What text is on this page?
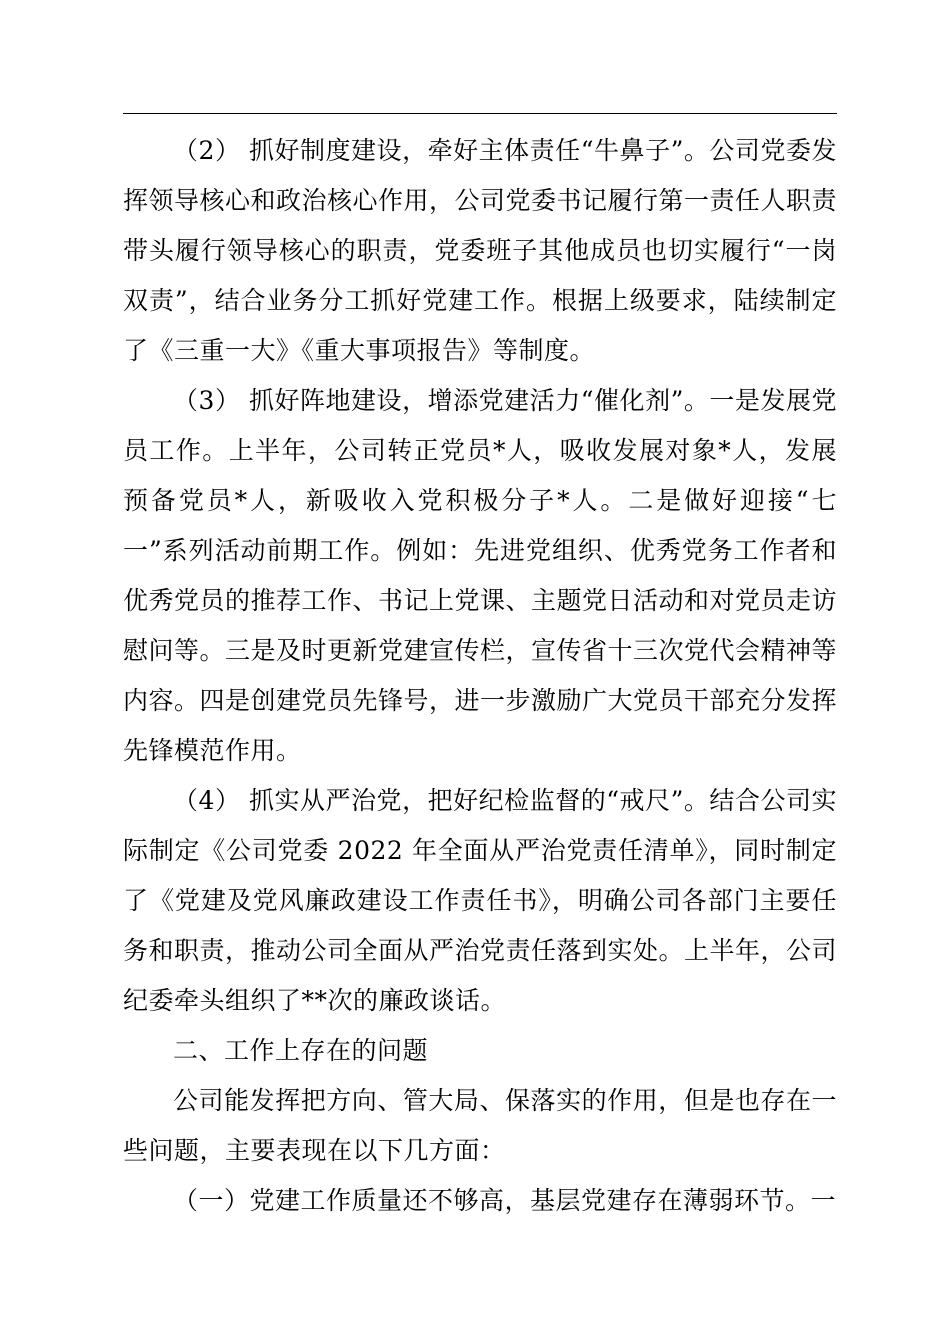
（2） 抓好制度建设，牵好主体责任“牛鼻子”。公司党委发挥领导核心和政治核心作用，公司党委书记履行第一责任人职责带头履行领导核心的职责，党委班子其他成员也切实履行“一岗双责”，结合业务分工抓好党建工作。根据上级要求，陆续制定了《三重一大》《重大事项报告》等制度。

（3） 抓好阵地建设，增添党建活力“催化剂”。一是发展党员工作。上半年，公司转正党员*人，吸收发展对象*人，发展预备党员*人，新吸收入党积极分子*人。二是做好迎接“七一”系列活动前期工作。例如：先进党组织、优秀党务工作者和优秀党员的推荐工作、书记上党课、主题党日活动和对党员走访慰问等。三是及时更新党建宣传栏，宣传省十三次党代会精神等内容。四是创建党员先锋号，进一步激励广大党员干部充分发挥先锋模范作用。

（4） 抓实从严治党，把好纪检监督的“戒尺”。结合公司实际制定《公司党委 2022 年全面从严治党责任清单》，同时制定了《党建及党风廉政建设工作责任书》，明确公司各部门主要任务和职责，推动公司全面从严治党责任落到实处。上半年，公司纪委牵头组织了**次的廉政谈话。

二、工作上存在的问题

公司能发挥把方向、管大局、保落实的作用，但是也存在一些问题，主要表现在以下几方面：

（一）党建工作质量还不够高，基层党建存在薄弱环节。一
